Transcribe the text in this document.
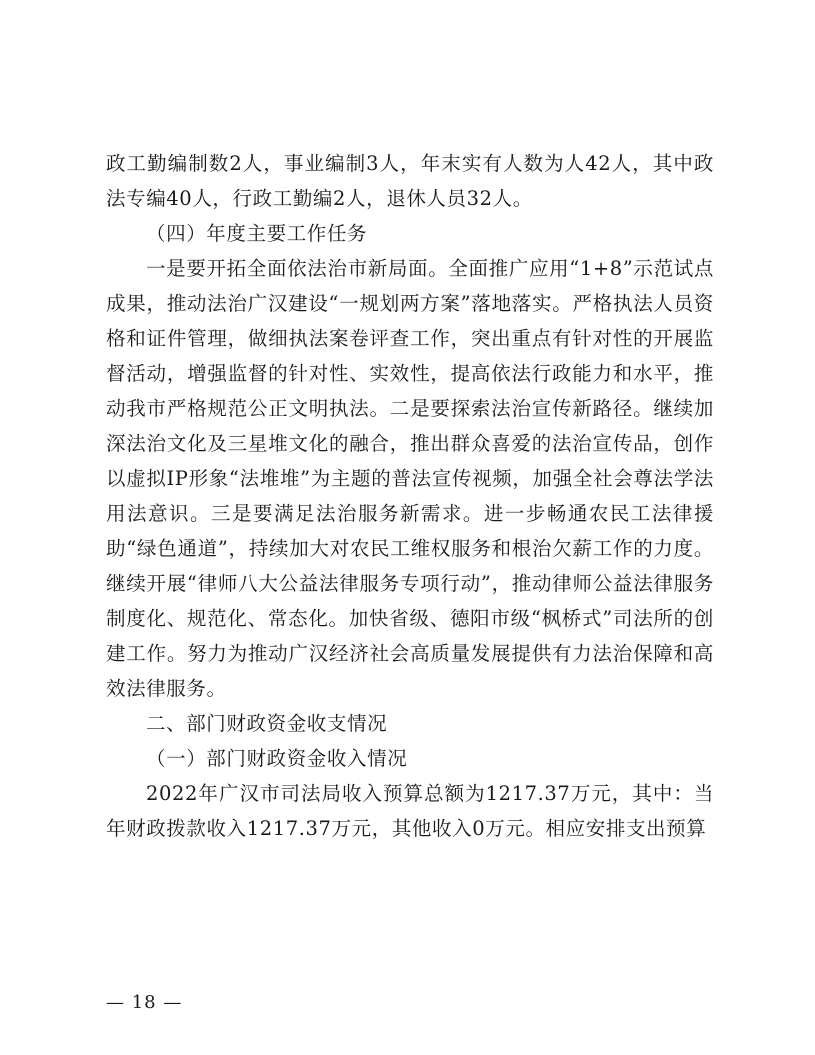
政工勤编制数2人，事业编制3人，年末实有人数为人42人，其中政法专编40人，行政工勤编2人，退休人员32人。

（四）年度主要工作任务

一是要开拓全面依法治市新局面。全面推广应用“1+8”示范试点成果，推动法治广汉建设“一规划两方案”落地落实。严格执法人员资格和证件管理，做细执法案卷评查工作，突出重点有针对性的开展监督活动，增强监督的针对性、实效性，提高依法行政能力和水平，推动我市严格规范公正文明执法。二是要探索法治宣传新路径。继续加深法治文化及三星堆文化的融合，推出群众喜爱的法治宣传品，创作以虚拟IP形象“法堆堆”为主题的普法宣传视频，加强全社会尊法学法用法意识。三是要满足法治服务新需求。进一步畅通农民工法律援助“绿色通道”，持续加大对农民工维权服务和根治欠薪工作的力度。继续开展“律师八大公益法律服务专项行动”，推动律师公益法律服务制度化、规范化、常态化。加快省级、德阳市级“枫桥式”司法所的创建工作。努力为推动广汉经济社会高质量发展提供有力法治保障和高效法律服务。

二、部门财政资金收支情况

（一）部门财政资金收入情况

2022年广汉市司法局收入预算总额为1217.37万元，其中：当年财政拨款收入1217.37万元，其他收入0万元。相应安排支出预算

— 18 —
